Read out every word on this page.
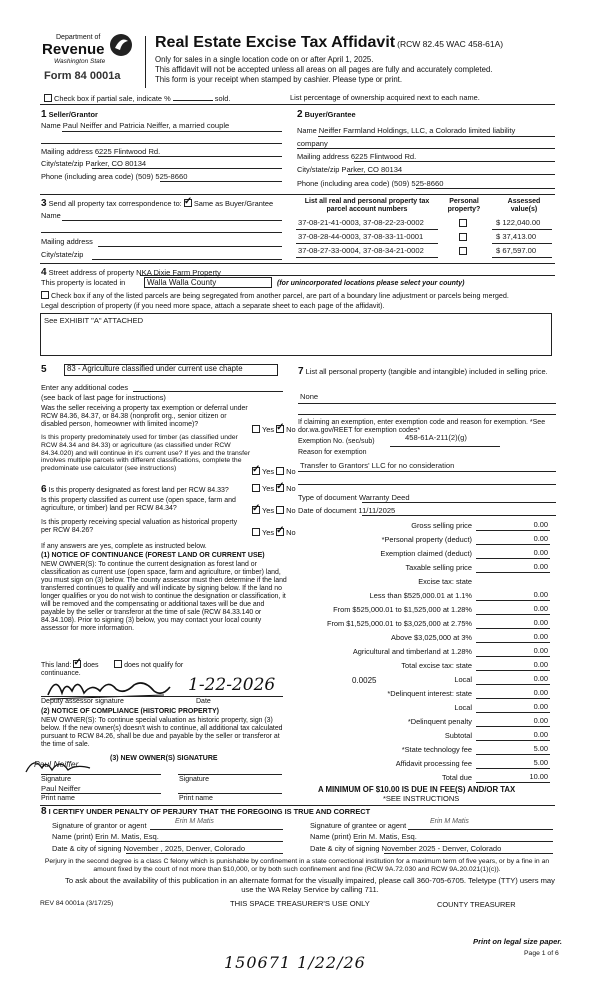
Department of
Revenue
Washington State
Form 84 0001a
Real Estate Excise Tax Affidavit (RCW 82.45 WAC 458-61A)
Only for sales in a single location code on or after April 1, 2025.
This affidavit will not be accepted unless all areas on all pages are fully and accurately completed.
This form is your receipt when stamped by cashier. Please type or print.
Check box if partial sale, indicate %	sold.	List percentage of ownership acquired next to each name.
1 Seller/Grantor
Name Paul Neiffer and Patricia Neiffer, a married couple
Mailing address 6225 Flintwood Rd.
City/state/zip Parker, CO 80134
Phone (including area code) (509) 525-8660
2 Buyer/Grantee
Name Neiffer Farmland Holdings, LLC, a Colorado limited liability
company
Mailing address 6225 Flintwood Rd.
City/state/zip Parker, CO 80134
Phone (including area code) (509) 525-8660
3 Send all property tax correspondence to: ✓ Same as Buyer/Grantee
Name
Mailing address
City/state/zip
List all real and personal property tax parcel account numbers
Personal property?
Assessed value(s)
37-08-21-41-0003, 37-08-22-23-0002	$ 122,040.00
37-08-28-44-0003, 37-08-33-11-0001	$ 37,413.00
37-08-27-33-0004, 37-08-34-21-0002	$ 67,597.00
4 Street address of property NKA Dixie Farm Property
This property is located in	Walla Walla County	(for unincorporated locations please select your county)
Check box if any of the listed parcels are being segregated from another parcel, are part of a boundary line adjustment or parcels being merged.
Legal description of property (if you need more space, attach a separate sheet to each page of the affidavit).
See EXHIBIT "A" ATTACHED
5	83 - Agriculture classified under current use chapte
Enter any additional codes
(see back of last page for instructions)
Was the seller receiving a property tax exemption or deferral under RCW 84.36, 84.37, or 84.38 (nonprofit org., senior citizen or disabled person, homeowner with limited income)?
Yes ✓ No
Is this property predominately used for timber (as classified under RCW 84.34 and 84.33) or agriculture (as classified under RCW 84.34.020) and will continue in it's current use? If yes and the transfer involves multiple parcels with different classifications, complete the predominate use calculator (see instructions) ✓	Yes No
6 Is this property designated as forest land per RCW 84.33?	Yes ✓ No
Is this property classified as current use (open space, farm and agriculture, or timber) land per RCW 84.34? ✓	Yes No
Is this property receiving special valuation as historical property per RCW 84.26?	Yes ✓ No
If any answers are yes, complete as instructed below.
(1) NOTICE OF CONTINUANCE (FOREST LAND OR CURRENT USE)
NEW OWNER(S): To continue the current designation as forest land or classification as current use (open space, farm and agriculture, or timber) land, you must sign on (3) below. The county assessor must then determine if the land transferred continues to qualify and will indicate by signing below. If the land no longer qualifies or you do not wish to continue the designation or classification, it will be removed and the compensating or additional taxes will be due and payable by the seller or transferor at the time of sale (RCW 84.33.140 or 84.34.108). Prior to signing (3) below, you may contact your local county assessor for more information.
This land: ✓ does	does not qualify for
continuance.
1-22-2026
Deputy assessor signature	Date
(2) NOTICE OF COMPLIANCE (HISTORIC PROPERTY)
NEW OWNER(S): To continue special valuation as historic property, sign (3) below. If the new owner(s) doesn't wish to continue, all additional tax calculated pursuant to RCW 84.26, shall be due and payable by the seller or transferor at the time of sale.
(3) NEW OWNER(S) SIGNATURE
Paul Neiffer
Signature	Signature
Paul Neiffer
Print name	Print name
7 List all personal property (tangible and intangible) included in selling price.
None
If claiming an exemption, enter exemption code and reason for exemption. *See dor.wa.gov/REET for exemption codes*
Exemption No. (sec/sub)	458-61A-211(2)(g)
Reason for exemption
Transfer to Grantors' LLC for no consideration
Type of document Warranty Deed
Date of document 11/11/2025
Gross selling price	0.00
*Personal property (deduct)	0.00
Exemption claimed (deduct)	0.00
Taxable selling price	0.00
Excise tax: state
Less than $525,000.01 at 1.1%	0.00
From $525,000.01 to $1,525,000 at 1.28%	0.00
From $1,525,000.01 to $3,025,000 at 2.75%	0.00
Above $3,025,000 at 3%	0.00
Agricultural and timberland at 1.28%	0.00
Total excise tax: state	0.00
0.0025	Local	0.00
*Delinquent interest: state	0.00
Local	0.00
*Delinquent penalty	0.00
Subtotal	0.00
*State technology fee	5.00
Affidavit processing fee	5.00
Total due	10.00
A MINIMUM OF $10.00 IS DUE IN FEE(S) AND/OR TAX
*SEE INSTRUCTIONS
8 I CERTIFY UNDER PENALTY OF PERJURY THAT THE FOREGOING IS TRUE AND CORRECT
Signature of grantor or agent	Erin M Matis	Signature of grantee or agent	Erin M Matis
Name (print) Erin M. Matis, Esq.	Name (print) Erin M. Matis, Esq.
Date & city of signing November , 2025, Denver, Colorado	Date & city of signing November 2025 - Denver, Colorado
Perjury in the second degree is a class C felony which is punishable by confinement in a state correctional institution for a maximum term of five years, or by a fine in an amount fixed by the court of not more than $10,000, or by both such confinement and fine (RCW 9A.72.030 and RCW 9A.20.021(1)(c)).
To ask about the availability of this publication in an alternate format for the visually impaired, please call 360-705-6705. Teletype (TTY) users may use the WA Relay Service by calling 711.
REV 84 0001a (3/17/25)	THIS SPACE TREASURER'S USE ONLY	COUNTY TREASURER
Print on legal size paper.
Page 1 of 6
150671 1/22/26
